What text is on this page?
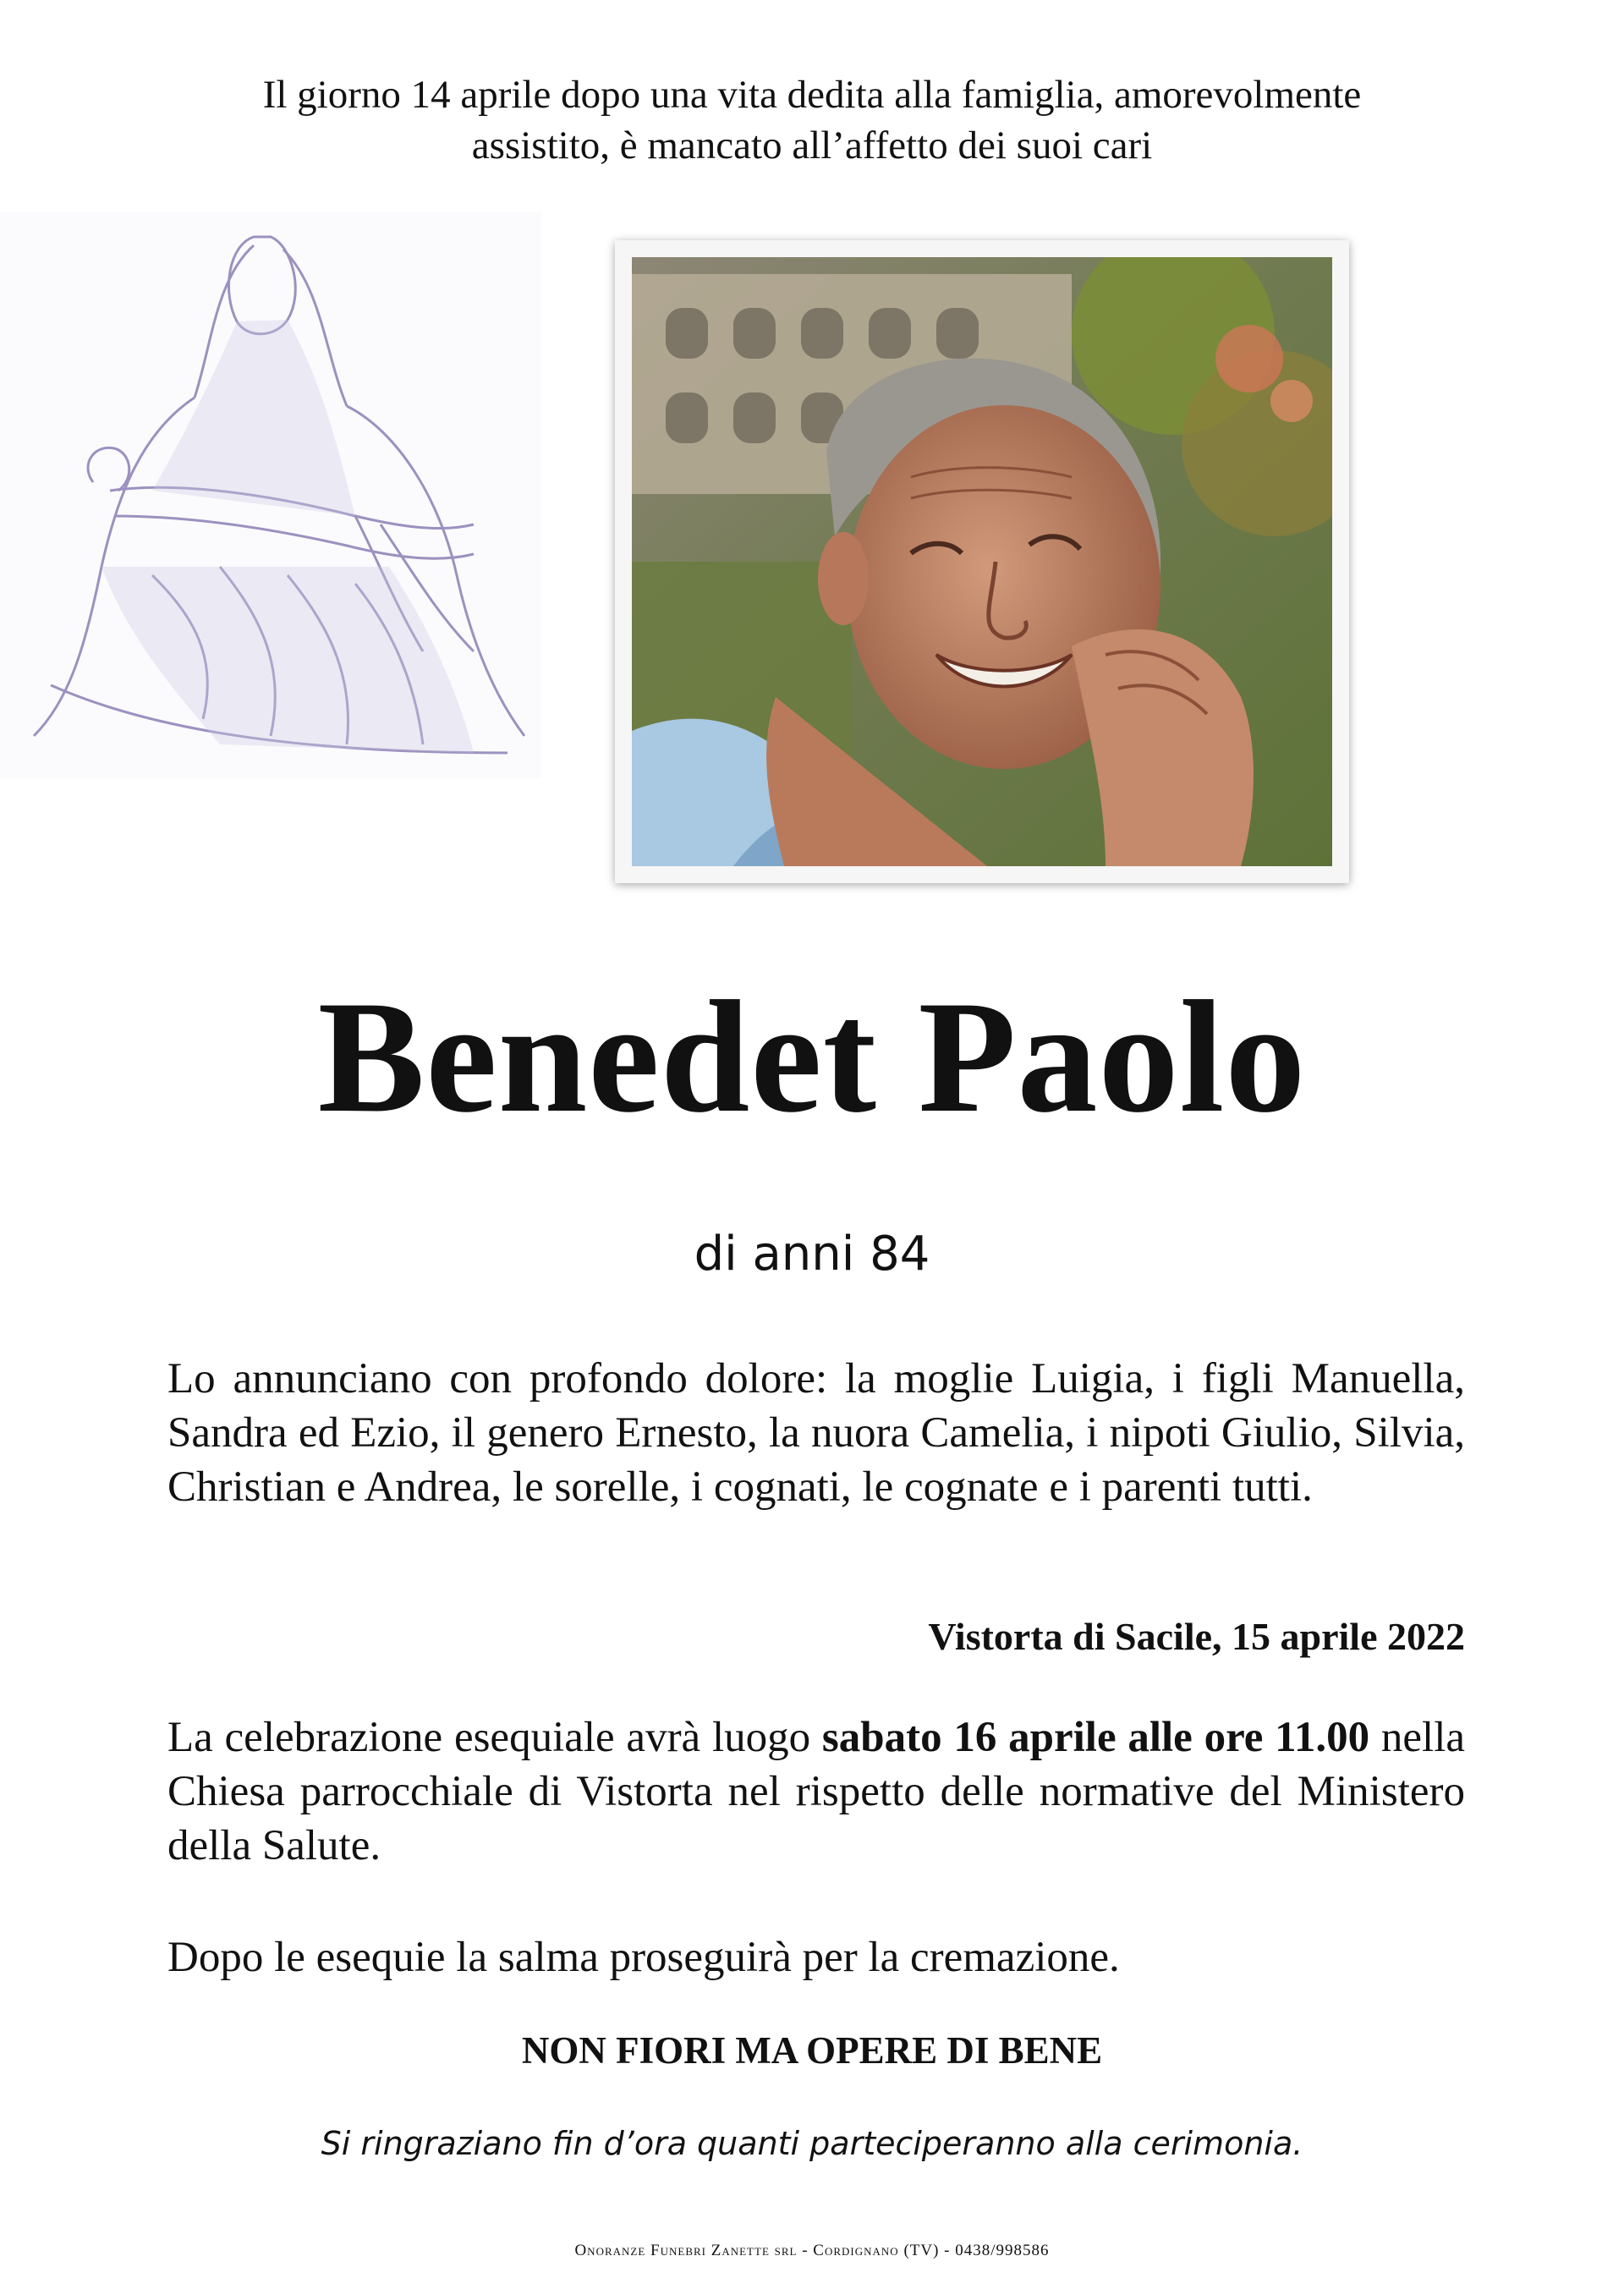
Il giorno 14 aprile dopo una vita dedita alla famiglia, amorevolmente
assistito, è mancato all’affetto dei suoi cari
Benedet Paolo
di anni 84
Lo annunciano con profondo dolore: la moglie Luigia, i figli Manuella, Sandra ed Ezio, il genero Ernesto, la nuora Camelia, i nipoti Giulio, Silvia, Christian e Andrea, le sorelle, i cognati, le cognate e i parenti tutti.
Vistorta di Sacile, 15 aprile 2022
La celebrazione esequiale avrà luogo sabato 16 aprile alle ore 11.00 nella Chiesa parrocchiale di Vistorta nel rispetto delle normative del Ministero della Salute.
Dopo le esequie la salma proseguirà per la cremazione.
NON FIORI MA OPERE DI BENE
Si ringraziano fin d’ora quanti parteciperanno alla cerimonia.
Onoranze Funebri Zanette srl - Cordignano (TV) - 0438/998586
